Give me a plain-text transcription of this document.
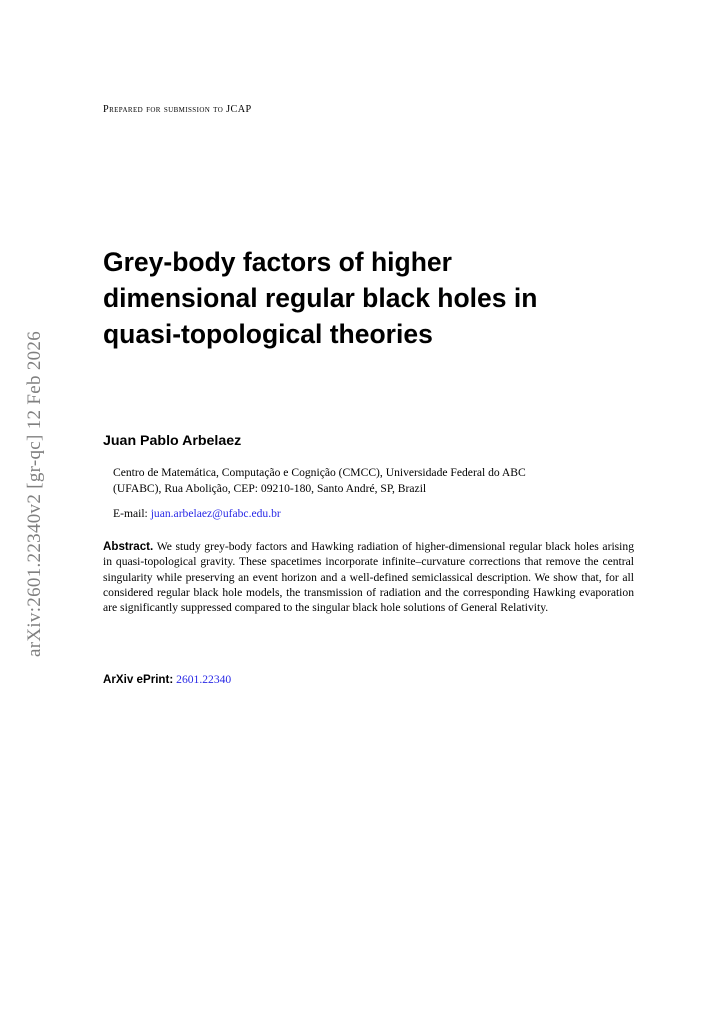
arXiv:2601.22340v2 [gr-qc] 12 Feb 2026
Prepared for submission to JCAP
Grey-body factors of higher
dimensional regular black holes in
quasi-topological theories
Juan Pablo Arbelaez
Centro de Matemática, Computação e Cognição (CMCC), Universidade Federal do ABC
(UFABC), Rua Abolição, CEP: 09210-180, Santo André, SP, Brazil
E-mail: juan.arbelaez@ufabc.edu.br
Abstract. We study grey-body factors and Hawking radiation of higher-dimensional regular black holes arising in quasi-topological gravity. These spacetimes incorporate infinite–curvature corrections that remove the central singularity while preserving an event horizon and a well-defined semiclassical description. We show that, for all considered regular black hole models, the transmission of radiation and the corresponding Hawking evaporation are significantly suppressed compared to the singular black hole solutions of General Relativity.
ArXiv ePrint: 2601.22340
